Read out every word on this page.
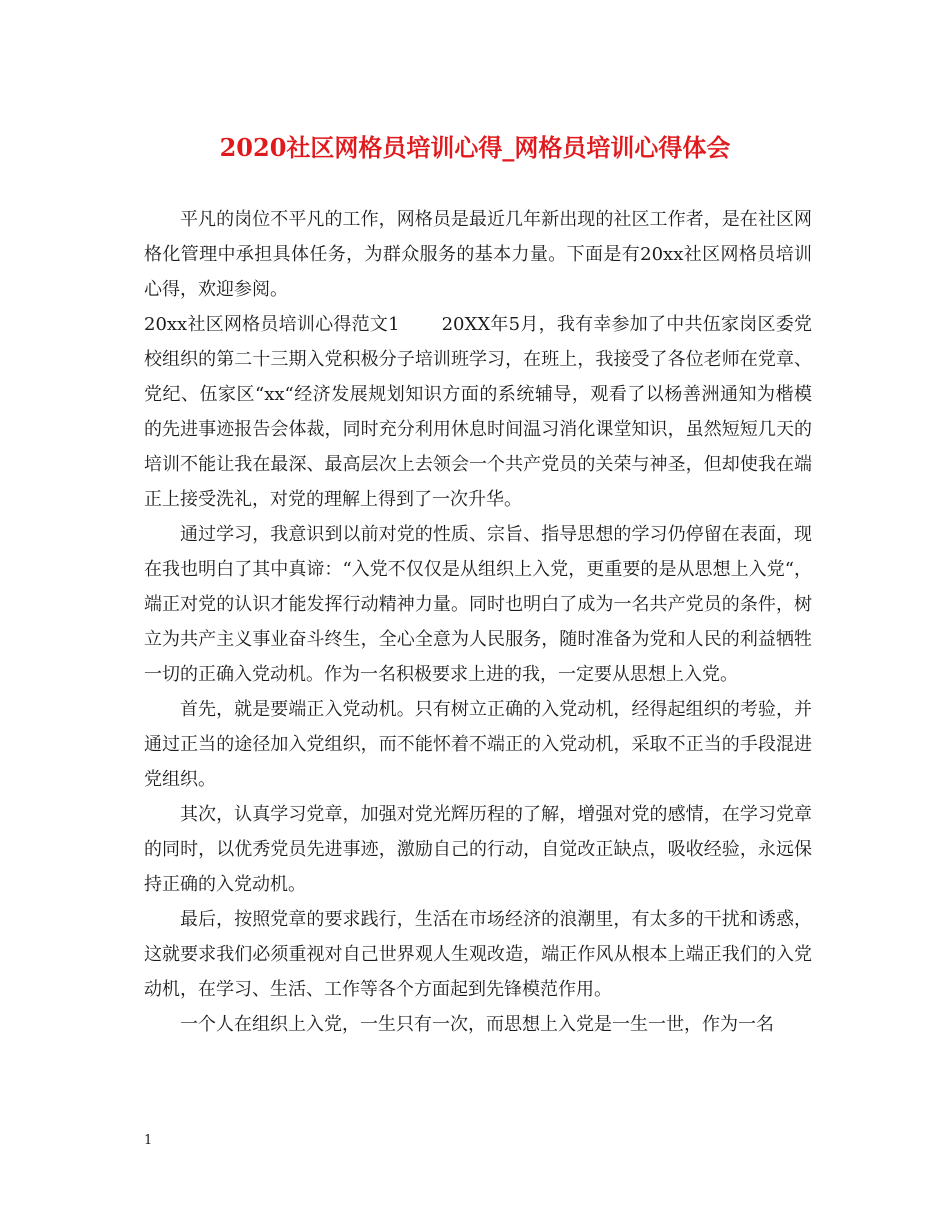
2020社区网格员培训心得_网格员培训心得体会

平凡的岗位不平凡的工作，网格员是最近几年新出现的社区工作者，是在社区网格化管理中承担具体任务，为群众服务的基本力量。下面是有20xx社区网格员培训心得，欢迎参阅。

20xx社区网格员培训心得范文1 20XX年5月，我有幸参加了中共伍家岗区委党校组织的第二十三期入党积极分子培训班学习，在班上，我接受了各位老师在党章、党纪、伍家区“xx“经济发展规划知识方面的系统辅导，观看了以杨善洲通知为楷模的先进事迹报告会体裁，同时充分利用休息时间温习消化课堂知识，虽然短短几天的培训不能让我在最深、最高层次上去领会一个共产党员的关荣与神圣，但却使我在端正上接受洗礼，对党的理解上得到了一次升华。

通过学习，我意识到以前对党的性质、宗旨、指导思想的学习仍停留在表面，现在我也明白了其中真谛：“入党不仅仅是从组织上入党，更重要的是从思想上入党“，端正对党的认识才能发挥行动精神力量。同时也明白了成为一名共产党员的条件，树立为共产主义事业奋斗终生，全心全意为人民服务，随时准备为党和人民的利益牺牲一切的正确入党动机。作为一名积极要求上进的我，一定要从思想上入党。

首先，就是要端正入党动机。只有树立正确的入党动机，经得起组织的考验，并通过正当的途径加入党组织，而不能怀着不端正的入党动机，采取不正当的手段混进党组织。

其次，认真学习党章，加强对党光辉历程的了解，增强对党的感情，在学习党章的同时，以优秀党员先进事迹，激励自己的行动，自觉改正缺点，吸收经验，永远保持正确的入党动机。

最后，按照党章的要求践行，生活在市场经济的浪潮里，有太多的干扰和诱惑，这就要求我们必须重视对自己世界观人生观改造，端正作风从根本上端正我们的入党动机，在学习、生活、工作等各个方面起到先锋模范作用。

一个人在组织上入党，一生只有一次，而思想上入党是一生一世，作为一名

1
